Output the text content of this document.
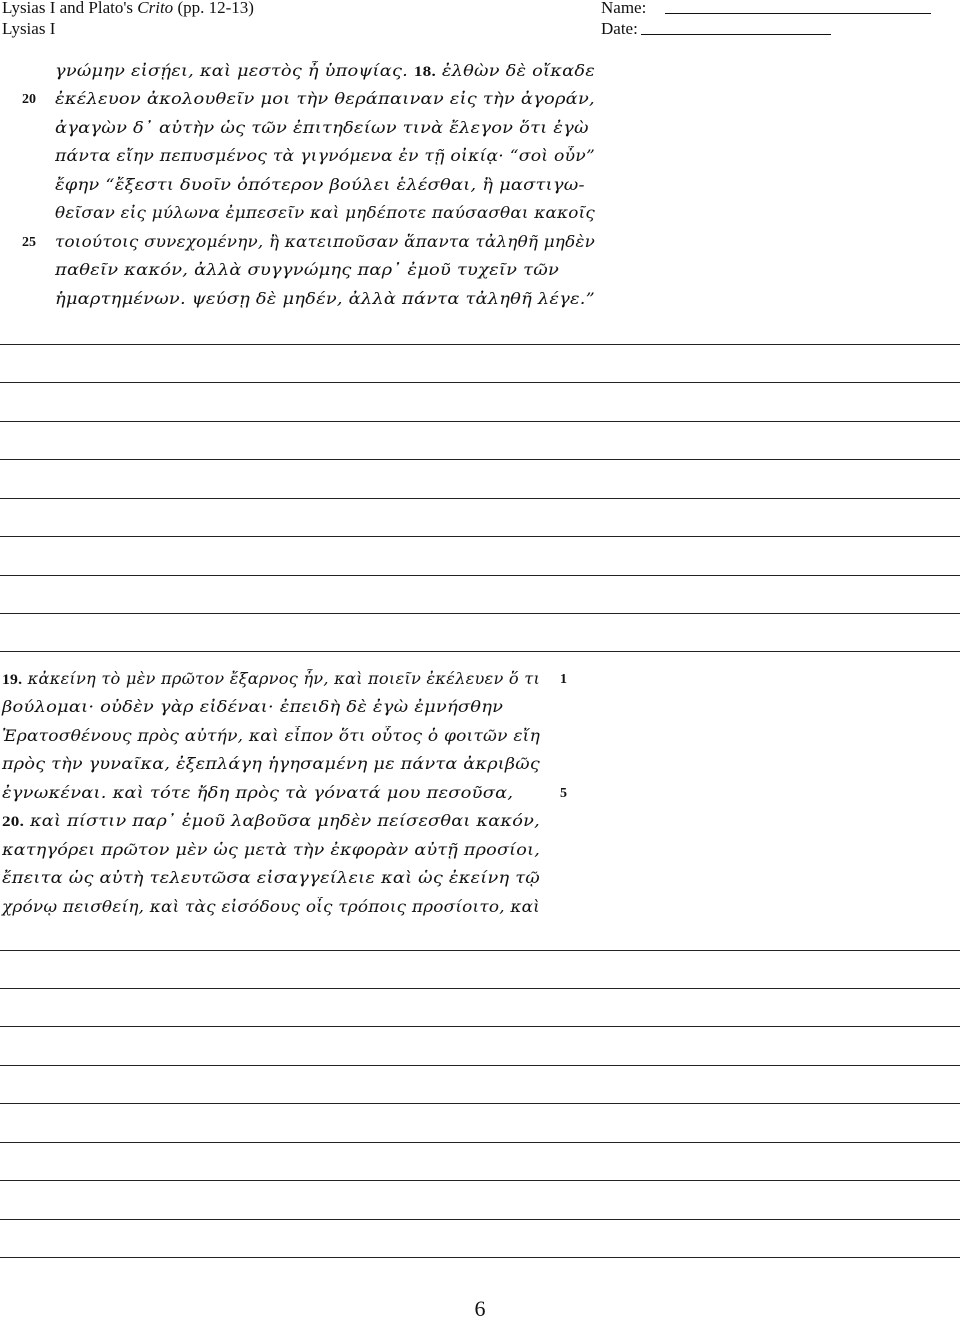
Lysias I and Plato's Crito (pp. 12-13)
Lysias I
Name:
Date:
γνώμην εἰσῄει, καὶ μεστὸς ἦ ὑποψίας. 18. ἐλθὼν δὲ οἴκαδε
ἐκέλευον ἀκολουθεῖν μοι τὴν θεράπαιναν εἰς τὴν ἀγοράν,
20
ἀγαγὼν δ᾽ αὐτὴν ὡς τῶν ἐπιτηδείων τινὰ ἔλεγον ὅτι ἐγὼ
πάντα εἴην πεπυσμένος τὰ γιγνόμενα ἐν τῇ οἰκίᾳ· “σοὶ οὖν”
ἔφην “ἔξεστι δυοῖν ὁπότερον βούλει ἑλέσθαι, ἢ μαστιγω-
θεῖσαν εἰς μύλωνα ἐμπεσεῖν καὶ μηδέποτε παύσασθαι κακοῖς
τοιούτοις συνεχομένην, ἢ κατειποῦσαν ἅπαντα τἀληθῆ μηδὲν
25
παθεῖν κακόν, ἀλλὰ συγγνώμης παρ᾽ ἐμοῦ τυχεῖν τῶν
ἡμαρτημένων. ψεύσῃ δὲ μηδέν, ἀλλὰ πάντα τἀληθῆ λέγε.”
19. κἀκείνη τὸ μὲν πρῶτον ἔξαρνος ἦν, καὶ ποιεῖν ἐκέλευεν ὅ τι 1
βούλομαι· οὐδὲν γὰρ εἰδέναι· ἐπειδὴ δὲ ἐγὼ ἐμνήσθην
Ἐρατοσθένους πρὸς αὐτήν, καὶ εἶπον ὅτι οὗτος ὁ φοιτῶν εἴη
πρὸς τὴν γυναῖκα, ἐξεπλάγη ἡγησαμένη με πάντα ἀκριβῶς
ἐγνωκέναι. καὶ τότε ἤδη πρὸς τὰ γόνατά μου πεσοῦσα,	5
20. καὶ πίστιν παρ᾽ ἐμοῦ λαβοῦσα μηδὲν πείσεσθαι κακόν,
κατηγόρει πρῶτον μὲν ὡς μετὰ τὴν ἐκφορὰν αὐτῇ προσίοι,
ἔπειτα ὡς αὐτὴ τελευτῶσα εἰσαγγείλειε καὶ ὡς ἐκείνη τῷ
χρόνῳ πεισθείη, καὶ τὰς εἰσόδους οἷς τρόποις προσίοιτο, καὶ
6
